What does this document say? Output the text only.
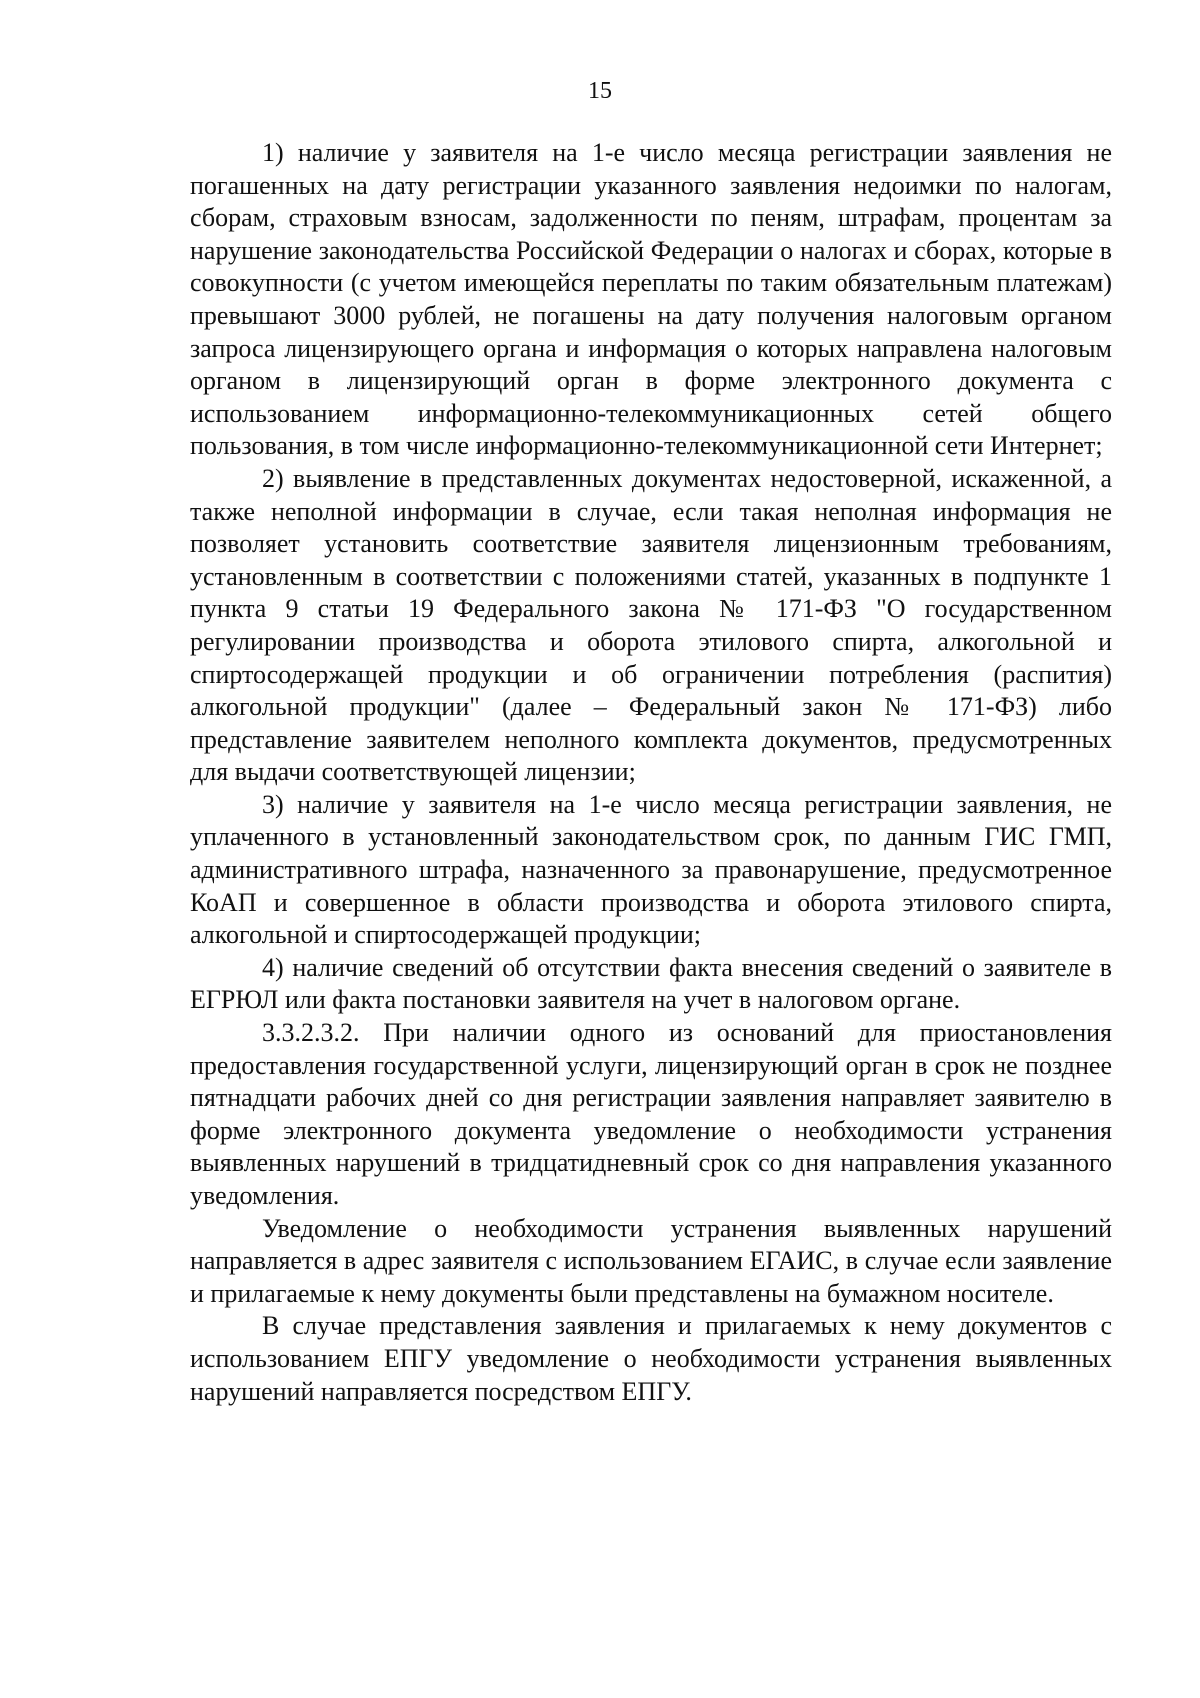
15

1) наличие у заявителя на 1-е число месяца регистрации заявления не погашенных на дату регистрации указанного заявления недоимки по налогам, сборам, страховым взносам, задолженности по пеням, штрафам, процентам за нарушение законодательства Российской Федерации о налогах и сборах, которые в совокупности (с учетом имеющейся переплаты по таким обязательным платежам) превышают 3000 рублей, не погашены на дату получения налоговым органом запроса лицензирующего органа и информация о которых направлена налоговым органом в лицензирующий орган в форме электронного документа с использованием информационно-телекоммуникационных сетей общего пользования, в том числе информационно-телекоммуникационной сети Интернет;

2) выявление в представленных документах недостоверной, искаженной, а также неполной информации в случае, если такая неполная информация не позволяет установить соответствие заявителя лицензионным требованиям, установленным в соответствии с положениями статей, указанных в подпункте 1 пункта 9 статьи 19 Федерального закона № 171-ФЗ "О государственном регулировании производства и оборота этилового спирта, алкогольной и спиртосодержащей продукции и об ограничении потребления (распития) алкогольной продукции" (далее – Федеральный закон № 171-ФЗ) либо представление заявителем неполного комплекта документов, предусмотренных для выдачи соответствующей лицензии;

3) наличие у заявителя на 1-е число месяца регистрации заявления, не уплаченного в установленный законодательством срок, по данным ГИС ГМП, административного штрафа, назначенного за правонарушение, предусмотренное КоАП и совершенное в области производства и оборота этилового спирта, алкогольной и спиртосодержащей продукции;

4) наличие сведений об отсутствии факта внесения сведений о заявителе в ЕГРЮЛ или факта постановки заявителя на учет в налоговом органе.

3.3.2.3.2. При наличии одного из оснований для приостановления предоставления государственной услуги, лицензирующий орган в срок не позднее пятнадцати рабочих дней со дня регистрации заявления направляет заявителю в форме электронного документа уведомление о необходимости устранения выявленных нарушений в тридцатидневный срок со дня направления указанного уведомления.

Уведомление о необходимости устранения выявленных нарушений направляется в адрес заявителя с использованием ЕГАИС, в случае если заявление и прилагаемые к нему документы были представлены на бумажном носителе.

В случае представления заявления и прилагаемых к нему документов с использованием ЕПГУ уведомление о необходимости устранения выявленных нарушений направляется посредством ЕПГУ.
